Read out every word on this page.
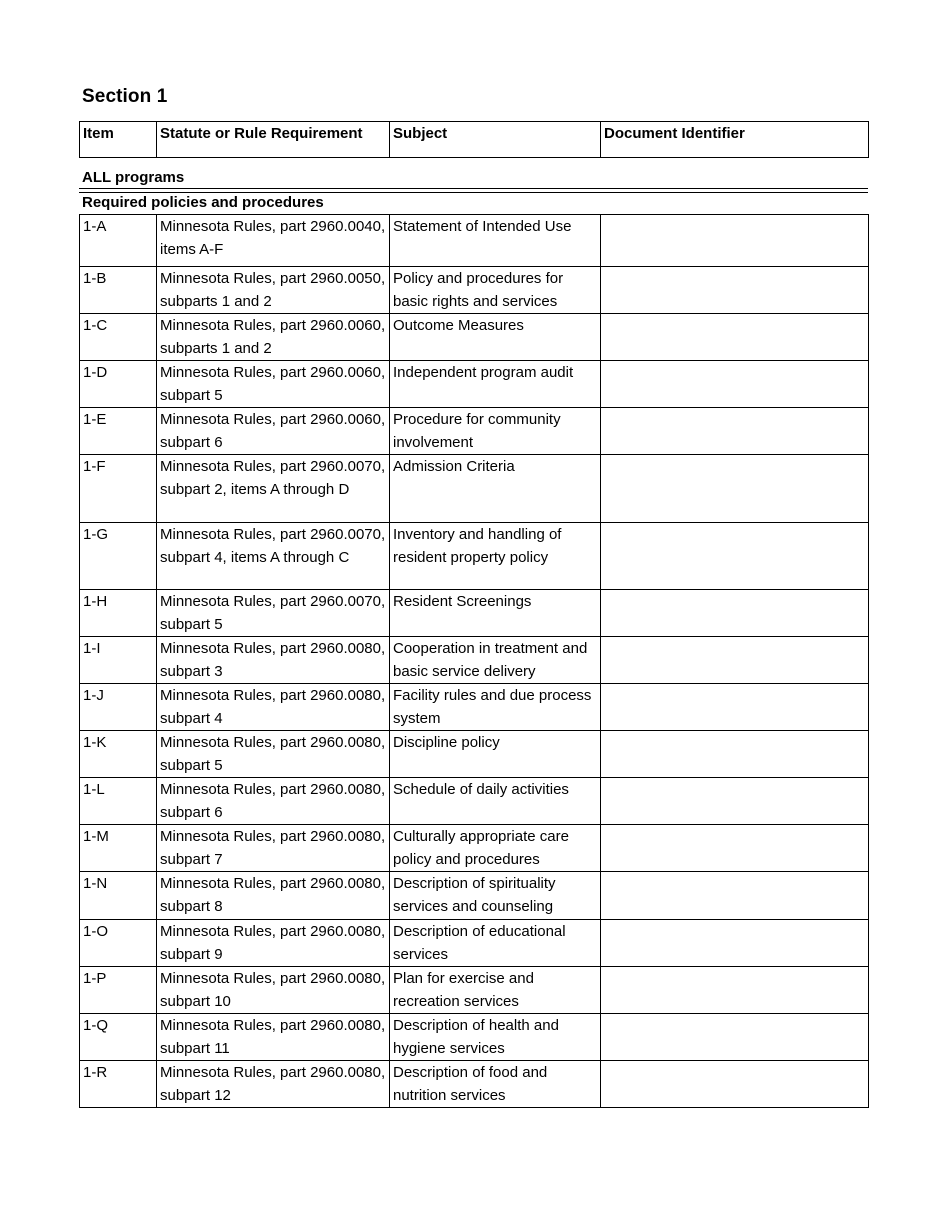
Section 1
Item	Statute or Rule Requirement	Subject	Document Identifier
ALL programs
Required policies and procedures
1-A	Minnesota Rules, part 2960.0040, items A-F	Statement of Intended Use	
1-B	Minnesota Rules, part 2960.0050, subparts 1 and 2	Policy and procedures for basic rights and services	
1-C	Minnesota Rules, part 2960.0060, subparts 1 and 2	Outcome Measures	
1-D	Minnesota Rules, part 2960.0060, subpart 5	Independent program audit	
1-E	Minnesota Rules, part 2960.0060, subpart 6	Procedure for community involvement	
1-F	Minnesota Rules, part 2960.0070, subpart 2, items A through D	Admission Criteria	
1-G	Minnesota Rules, part 2960.0070, subpart 4, items A through C	Inventory and handling of resident property policy	
1-H	Minnesota Rules, part 2960.0070, subpart 5	Resident Screenings	
1-I	Minnesota Rules, part 2960.0080, subpart 3	Cooperation in treatment and basic service delivery	
1-J	Minnesota Rules, part 2960.0080, subpart 4	Facility rules and due process system	
1-K	Minnesota Rules, part 2960.0080, subpart 5	Discipline policy	
1-L	Minnesota Rules, part 2960.0080, subpart 6	Schedule of daily activities	
1-M	Minnesota Rules, part 2960.0080, subpart 7	Culturally appropriate care policy and procedures	
1-N	Minnesota Rules, part 2960.0080, subpart 8	Description of spirituality services and counseling	
1-O	Minnesota Rules, part 2960.0080, subpart 9	Description of educational services	
1-P	Minnesota Rules, part 2960.0080, subpart 10	Plan for exercise and recreation services	
1-Q	Minnesota Rules, part 2960.0080, subpart 11	Description of health and hygiene services	
1-R	Minnesota Rules, part 2960.0080, subpart 12	Description of food and nutrition services	
